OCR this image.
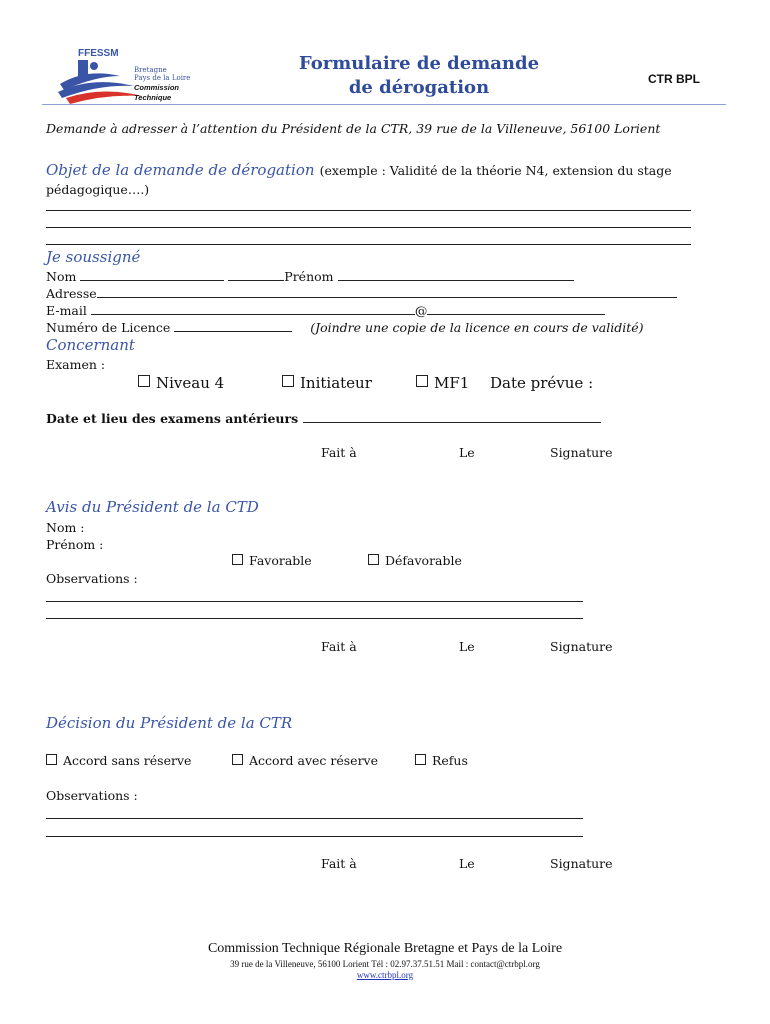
FFESSM
Bretagne
Pays de la Loire
Commission
Technique
Formulaire de demande
de dérogation	CTR BPL
Demande à adresser à l’attention du Président de la CTR, 39 rue de la Villeneuve, 56100 Lorient
Objet de la demande de dérogation (exemple : Validité de la théorie N4, extension du stage
pédagogique….)
Je soussigné
Nom	Prénom
Adresse
E-mail	@
Numéro de Licence	(Joindre une copie de la licence en cours de validité)
Concernant
Examen :
Niveau 4	Initiateur	MF1 Date prévue :
Date et lieu des examens antérieurs
Fait à	Le	Signature
Avis du Président de la CTD
Nom :
Prénom :
Favorable	Défavorable
Observations :
Fait à	Le	Signature
Décision du Président de la CTR
Accord sans réserve	Accord avec réserve	Refus
Observations :
Fait à	Le	Signature
Commission Technique Régionale Bretagne et Pays de la Loire
39 rue de la Villeneuve, 56100 Lorient Tél : 02.97.37.51.51 Mail : contact@ctrbpl.org
www.ctrbpl.org
